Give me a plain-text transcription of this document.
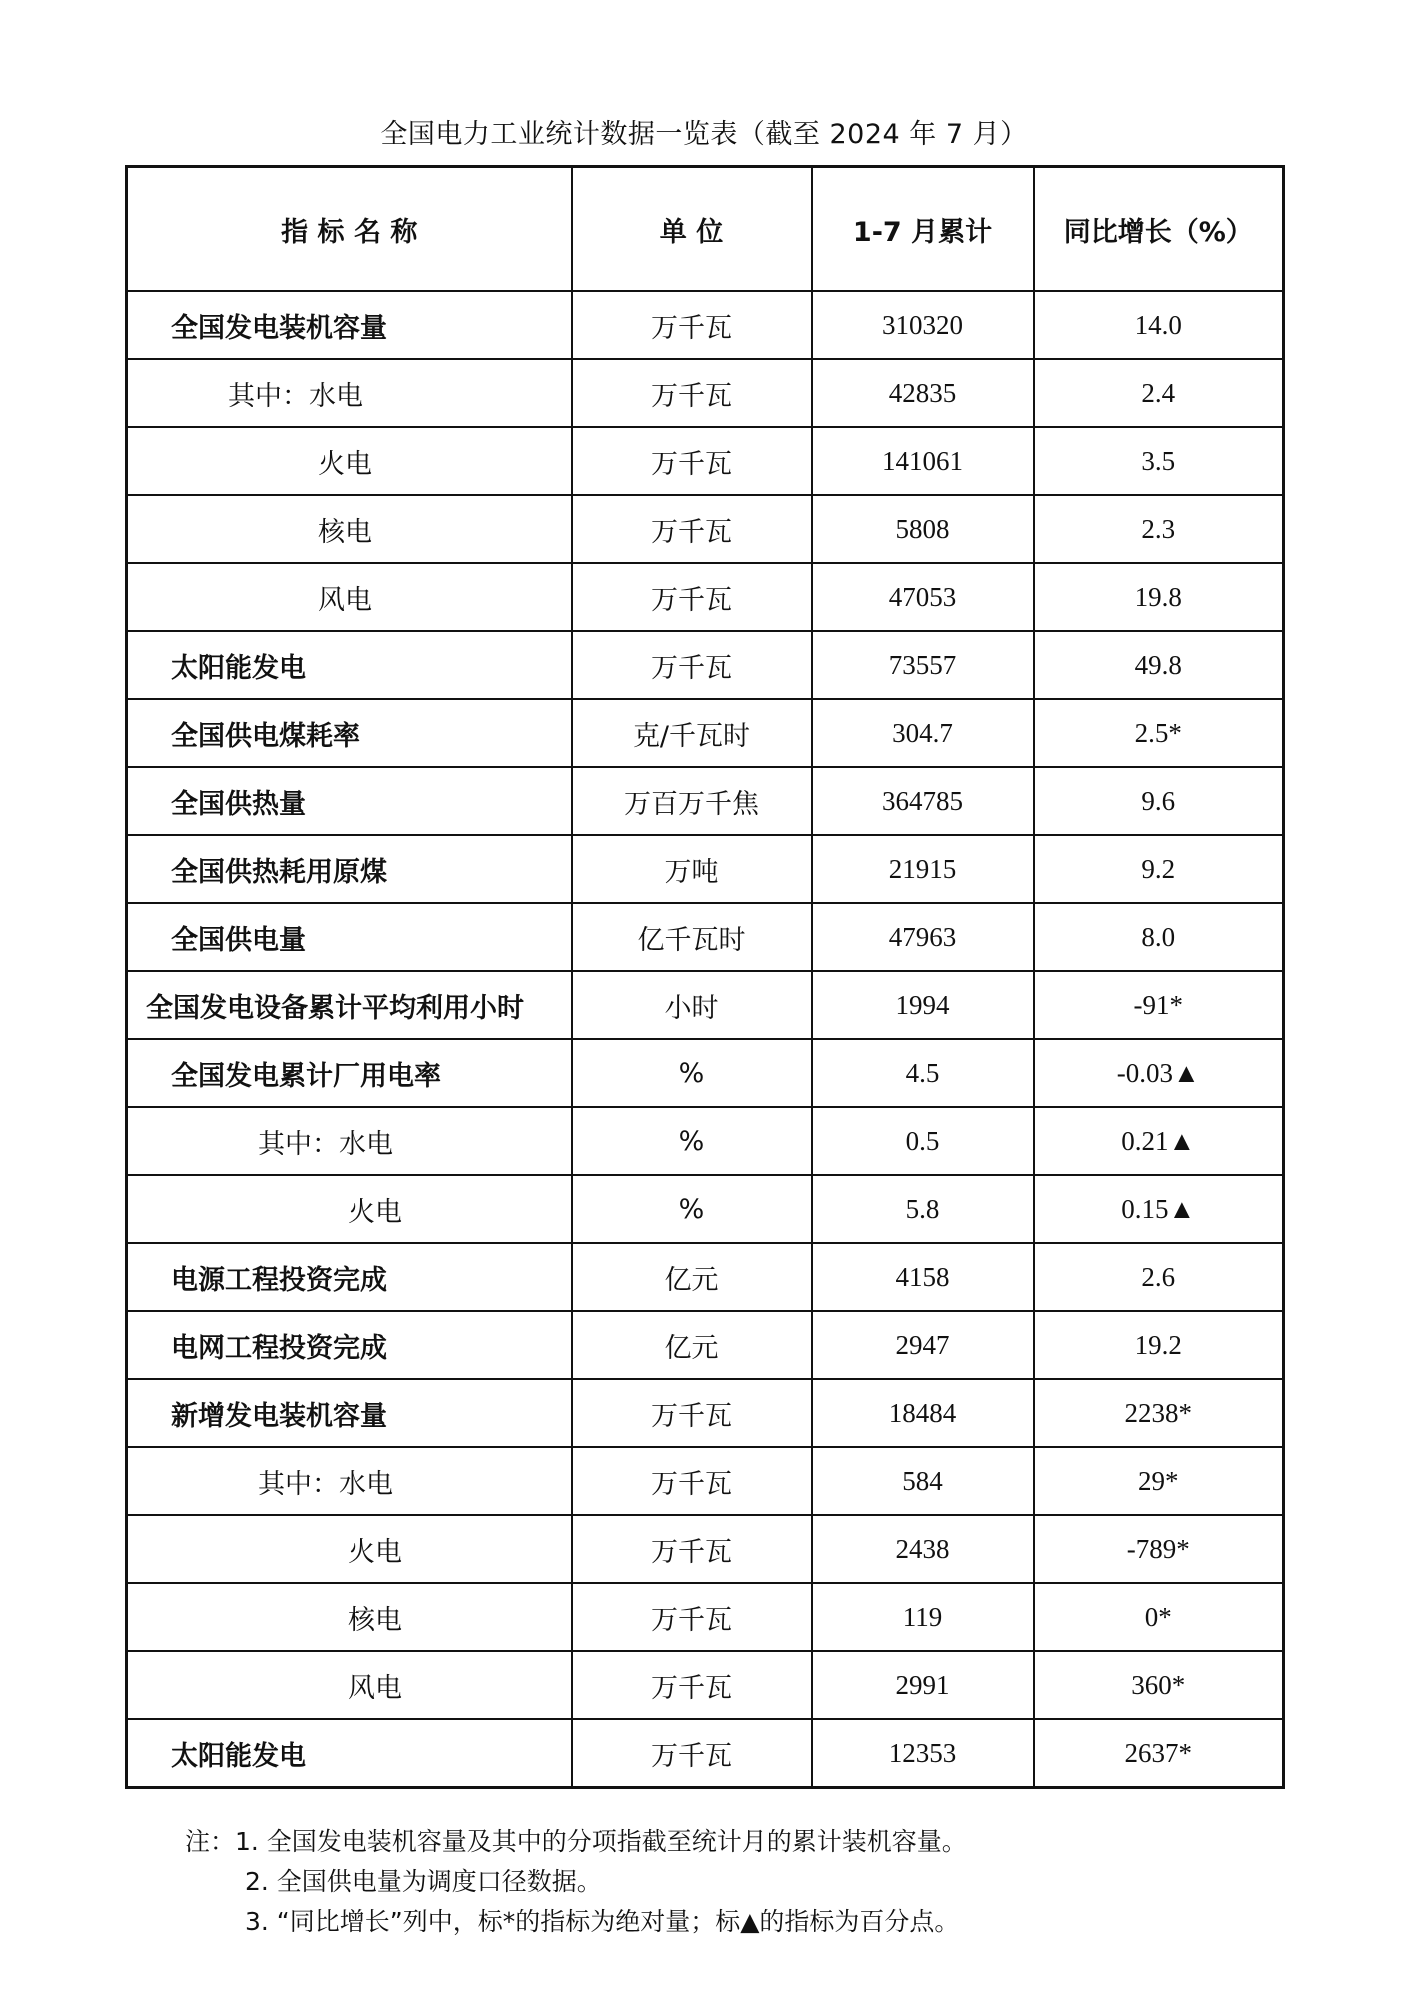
全国电力工业统计数据一览表（截至 2024 年 7 月）
指 标 名 称	单 位	1-7 月累计	同比增长（%）
全国发电装机容量	万千瓦	310320	14.0
其中：水电	万千瓦	42835	2.4
火电	万千瓦	141061	3.5
核电	万千瓦	5808	2.3
风电	万千瓦	47053	19.8
太阳能发电	万千瓦	73557	49.8
全国供电煤耗率	克/千瓦时	304.7	2.5*
全国供热量	万百万千焦	364785	9.6
全国供热耗用原煤	万吨	21915	9.2
全国供电量	亿千瓦时	47963	8.0
全国发电设备累计平均利用小时	小时	1994	-91*
全国发电累计厂用电率	%	4.5	-0.03▲
其中：水电	%	0.5	0.21▲
火电	%	5.8	0.15▲
电源工程投资完成	亿元	4158	2.6
电网工程投资完成	亿元	2947	19.2
新增发电装机容量	万千瓦	18484	2238*
其中：水电	万千瓦	584	29*
火电	万千瓦	2438	-789*
核电	万千瓦	119	0*
风电	万千瓦	2991	360*
太阳能发电	万千瓦	12353	2637*
注：1. 全国发电装机容量及其中的分项指截至统计月的累计装机容量。
2. 全国供电量为调度口径数据。
3. “同比增长”列中，标*的指标为绝对量；标▲的指标为百分点。
